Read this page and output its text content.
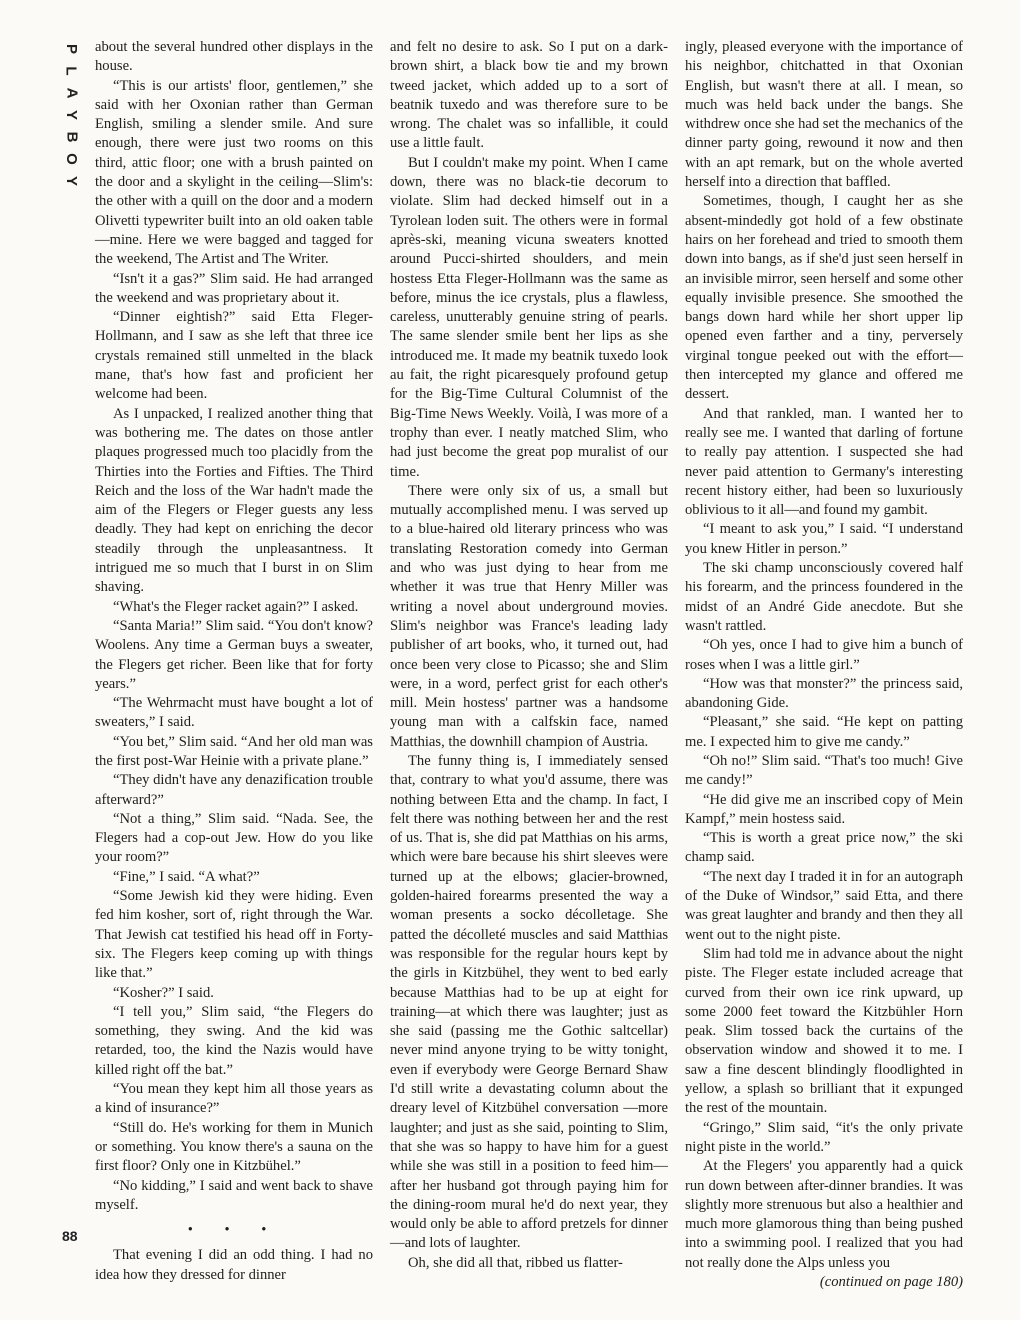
P
L
A
Y
B
O
Y

about the several hundred other displays in the house.

“This is our artists' floor, gentlemen,” she said with her Oxonian rather than German English, smiling a slender smile. And sure enough, there were just two rooms on this third, attic floor; one with a brush painted on the door and a skylight in the ceiling—Slim's: the other with a quill on the door and a modern Olivetti typewriter built into an old oaken table—mine. Here we were bagged and tagged for the weekend, The Artist and The Writer.

“Isn't it a gas?” Slim said. He had arranged the weekend and was proprietary about it.

“Dinner eightish?” said Etta Fleger-Hollmann, and I saw as she left that three ice crystals remained still unmelted in the black mane, that's how fast and proficient her welcome had been.

As I unpacked, I realized another thing that was bothering me. The dates on those antler plaques progressed much too placidly from the Thirties into the Forties and Fifties. The Third Reich and the loss of the War hadn't made the aim of the Flegers or Fleger guests any less deadly. They had kept on enriching the decor steadily through the unpleasantness. It intrigued me so much that I burst in on Slim shaving.

“What's the Fleger racket again?” I asked.

“Santa Maria!” Slim said. “You don't know? Woolens. Any time a German buys a sweater, the Flegers get richer. Been like that for forty years.”

“The Wehrmacht must have bought a lot of sweaters,” I said.

“You bet,” Slim said. “And her old man was the first post-War Heinie with a private plane.”

“They didn't have any denazification trouble afterward?”

“Not a thing,” Slim said. “Nada. See, the Flegers had a cop-out Jew. How do you like your room?”

“Fine,” I said. “A what?”

“Some Jewish kid they were hiding. Even fed him kosher, sort of, right through the War. That Jewish cat testified his head off in Forty-six. The Flegers keep coming up with things like that.”

“Kosher?” I said.

“I tell you,” Slim said, “the Flegers do something, they swing. And the kid was retarded, too, the kind the Nazis would have killed right off the bat.”

“You mean they kept him all those years as a kind of insurance?”

“Still do. He's working for them in Munich or something. You know there's a sauna on the first floor? Only one in Kitzbühel.”

“No kidding,” I said and went back to shave myself.

• • •

That evening I did an odd thing. I had no idea how they dressed for dinner

and felt no desire to ask. So I put on a dark-brown shirt, a black bow tie and my brown tweed jacket, which added up to a sort of beatnik tuxedo and was therefore sure to be wrong. The chalet was so infallible, it could use a little fault.

But I couldn't make my point. When I came down, there was no black-tie decorum to violate. Slim had decked himself out in a Tyrolean loden suit. The others were in formal après-ski, meaning vicuna sweaters knotted around Pucci-shirted shoulders, and mein hostess Etta Fleger-Hollmann was the same as before, minus the ice crystals, plus a flawless, careless, unutterably genuine string of pearls. The same slender smile bent her lips as she introduced me. It made my beatnik tuxedo look au fait, the right picaresquely profound getup for the Big-Time Cultural Columnist of the Big-Time News Weekly. Voilà, I was more of a trophy than ever. I neatly matched Slim, who had just become the great pop muralist of our time.

There were only six of us, a small but mutually accomplished menu. I was served up to a blue-haired old literary princess who was translating Restoration comedy into German and who was just dying to hear from me whether it was true that Henry Miller was writing a novel about underground movies. Slim's neighbor was France's leading lady publisher of art books, who, it turned out, had once been very close to Picasso; she and Slim were, in a word, perfect grist for each other's mill. Mein hostess' partner was a handsome young man with a calfskin face, named Matthias, the downhill champion of Austria.

The funny thing is, I immediately sensed that, contrary to what you'd assume, there was nothing between Etta and the champ. In fact, I felt there was nothing between her and the rest of us. That is, she did pat Matthias on his arms, which were bare because his shirt sleeves were turned up at the elbows; glacier-browned, golden-haired forearms presented the way a woman presents a socko décolletage. She patted the décolleté muscles and said Matthias was responsible for the regular hours kept by the girls in Kitzbühel, they went to bed early because Matthias had to be up at eight for training—at which there was laughter; just as she said (passing me the Gothic saltcellar) never mind anyone trying to be witty tonight, even if everybody were George Bernard Shaw I'd still write a devastating column about the dreary level of Kitzbühel conversation —more laughter; and just as she said, pointing to Slim, that she was so happy to have him for a guest while she was still in a position to feed him—after her husband got through paying him for the dining-room mural he'd do next year, they would only be able to afford pretzels for dinner—and lots of laughter.

Oh, she did all that, ribbed us flatter-

ingly, pleased everyone with the importance of his neighbor, chitchatted in that Oxonian English, but wasn't there at all. I mean, so much was held back under the bangs. She withdrew once she had set the mechanics of the dinner party going, rewound it now and then with an apt remark, but on the whole averted herself into a direction that baffled.

Sometimes, though, I caught her as she absent-mindedly got hold of a few obstinate hairs on her forehead and tried to smooth them down into bangs, as if she'd just seen herself in an invisible mirror, seen herself and some other equally invisible presence. She smoothed the bangs down hard while her short upper lip opened even farther and a tiny, perversely virginal tongue peeked out with the effort—then intercepted my glance and offered me dessert.

And that rankled, man. I wanted her to really see me. I wanted that darling of fortune to really pay attention. I suspected she had never paid attention to Germany's interesting recent history either, had been so luxuriously oblivious to it all—and found my gambit.

“I meant to ask you,” I said. “I understand you knew Hitler in person.”

The ski champ unconsciously covered half his forearm, and the princess foundered in the midst of an André Gide anecdote. But she wasn't rattled.

“Oh yes, once I had to give him a bunch of roses when I was a little girl.”

“How was that monster?” the princess said, abandoning Gide.

“Pleasant,” she said. “He kept on patting me. I expected him to give me candy.”

“Oh no!” Slim said. “That's too much! Give me candy!”

“He did give me an inscribed copy of Mein Kampf,” mein hostess said.

“This is worth a great price now,” the ski champ said.

“The next day I traded it in for an autograph of the Duke of Windsor,” said Etta, and there was great laughter and brandy and then they all went out to the night piste.

Slim had told me in advance about the night piste. The Fleger estate included acreage that curved from their own ice rink upward, up some 2000 feet toward the Kitzbühler Horn peak. Slim tossed back the curtains of the observation window and showed it to me. I saw a fine descent blindingly floodlighted in yellow, a splash so brilliant that it expunged the rest of the mountain.

“Gringo,” Slim said, “it's the only private night piste in the world.”

At the Flegers' you apparently had a quick run down between after-dinner brandies. It was slightly more strenuous but also a healthier and much more glamorous thing than being pushed into a swimming pool. I realized that you had not really done the Alps unless you

(continued on page 180)

88
